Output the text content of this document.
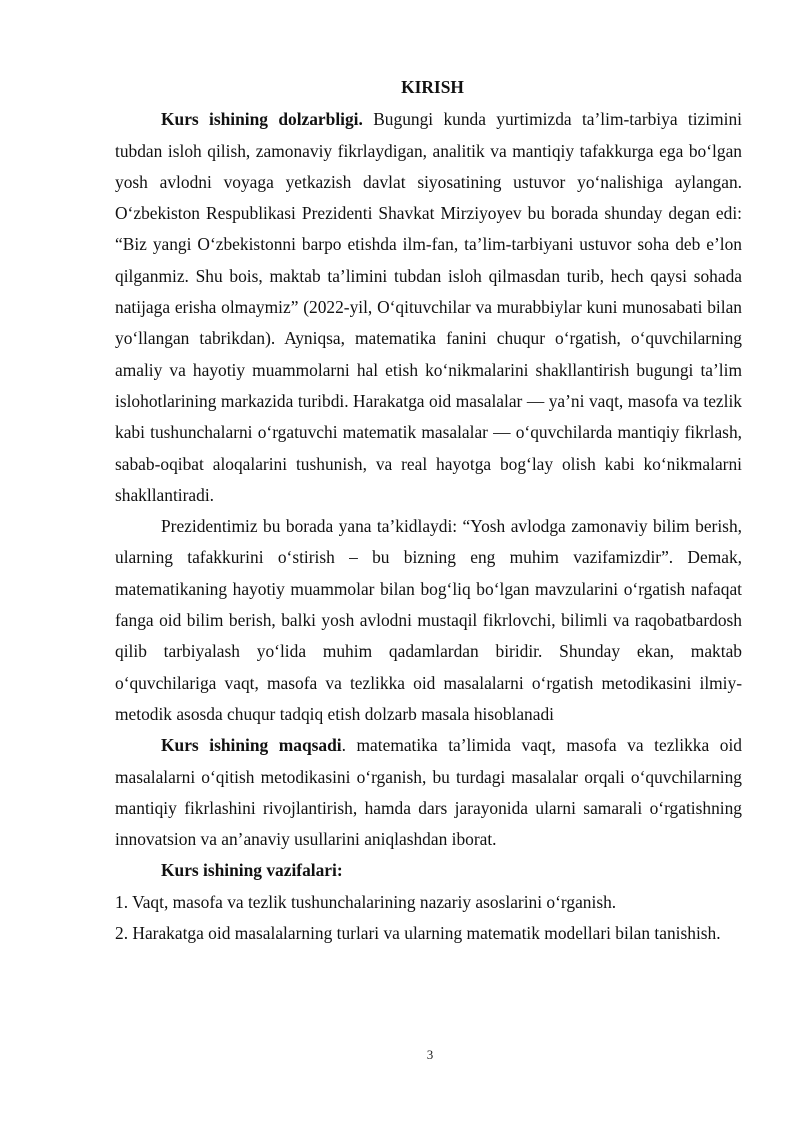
KIRISH

Kurs ishining dolzarbligi. Bugungi kunda yurtimizda ta’lim-tarbiya tizimini tubdan isloh qilish, zamonaviy fikrlaydigan, analitik va mantiqiy tafakkurga ega bo‘lgan yosh avlodni voyaga yetkazish davlat siyosatining ustuvor yo‘nalishiga aylangan. O‘zbekiston Respublikasi Prezidenti Shavkat Mirziyoyev bu borada shunday degan edi: “Biz yangi O‘zbekistonni barpo etishda ilm-fan, ta’lim-tarbiyani ustuvor soha deb e’lon qilganmiz. Shu bois, maktab ta’limini tubdan isloh qilmasdan turib, hech qaysi sohada natijaga erisha olmaymiz” (2022-yil, O‘qituvchilar va murabbiylar kuni munosabati bilan yo‘llangan tabrikdan). Ayniqsa, matematika fanini chuqur o‘rgatish, o‘quvchilarning amaliy va hayotiy muammolarni hal etish ko‘nikmalarini shakllantirish bugungi ta’lim islohotlarining markazida turibdi. Harakatga oid masalalar — ya’ni vaqt, masofa va tezlik kabi tushunchalarni o‘rgatuvchi matematik masalalar — o‘quvchilarda mantiqiy fikrlash, sabab-oqibat aloqalarini tushunish, va real hayotga bog‘lay olish kabi ko‘nikmalarni shakllantiradi.

Prezidentimiz bu borada yana ta’kidlaydi: “Yosh avlodga zamonaviy bilim berish, ularning tafakkurini o‘stirish – bu bizning eng muhim vazifamizdir”. Demak, matematikaning hayotiy muammolar bilan bog‘liq bo‘lgan mavzularini o‘rgatish nafaqat fanga oid bilim berish, balki yosh avlodni mustaqil fikrlovchi, bilimli va raqobatbardosh qilib tarbiyalash yo‘lida muhim qadamlardan biridir. Shunday ekan, maktab o‘quvchilariga vaqt, masofa va tezlikka oid masalalarni o‘rgatish metodikasini ilmiy-metodik asosda chuqur tadqiq etish dolzarb masala hisoblanadi

Kurs ishining maqsadi. matematika ta’limida vaqt, masofa va tezlikka oid masalalarni o‘qitish metodikasini o‘rganish, bu turdagi masalalar orqali o‘quvchilarning mantiqiy fikrlashini rivojlantirish, hamda dars jarayonida ularni samarali o‘rgatishning innovatsion va an’anaviy usullarini aniqlashdan iborat.

Kurs ishining vazifalari:

1. Vaqt, masofa va tezlik tushunchalarining nazariy asoslarini o‘rganish.

2. Harakatga oid masalalarning turlari va ularning matematik modellari bilan tanishish.

3
